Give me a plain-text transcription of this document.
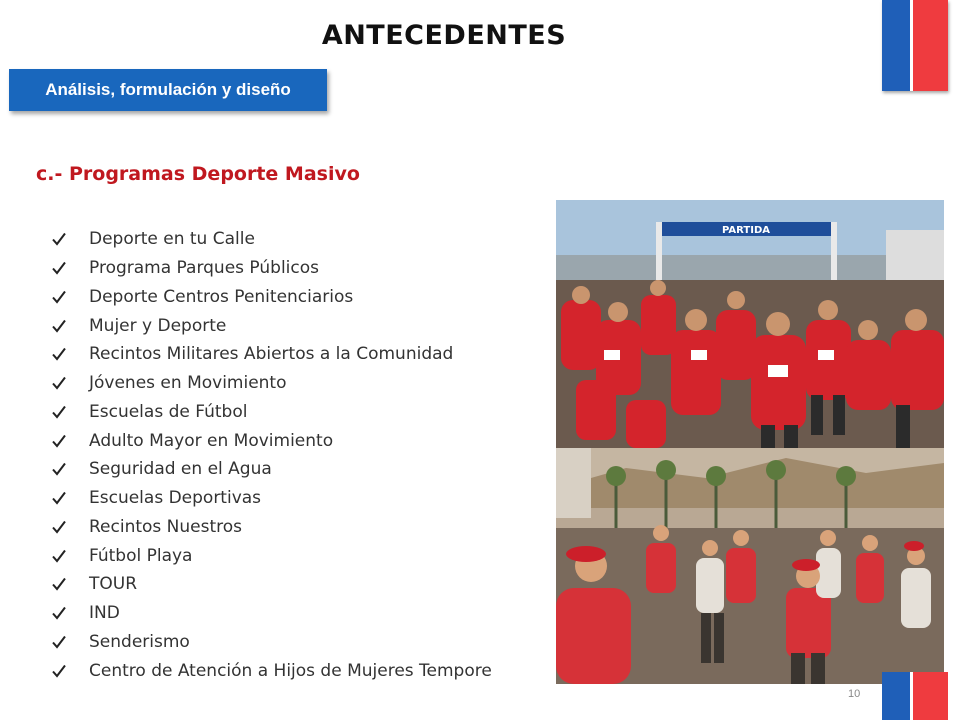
ANTECEDENTES
Análisis, formulación y diseño
c.- Programas Deporte Masivo
Deporte en tu Calle
Programa Parques Públicos
Deporte Centros Penitenciarios
Mujer y Deporte
Recintos Militares Abiertos a la Comunidad
Jóvenes en Movimiento
Escuelas de Fútbol
Adulto Mayor en Movimiento
Seguridad en el Agua
Escuelas Deportivas
Recintos Nuestros
Fútbol Playa
TOUR
IND
Senderismo
Centro de Atención a Hijos de Mujeres Tempore
PARTIDA
10
